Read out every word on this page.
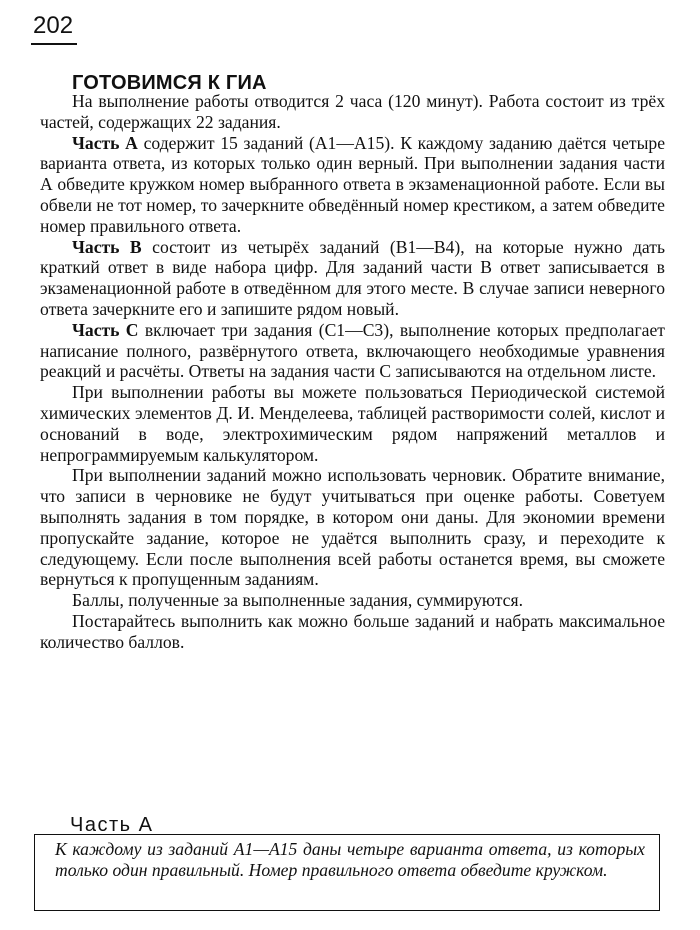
202
ГОТОВИМСЯ К ГИА

На выполнение работы отводится 2 часа (120 минут). Работа состоит из трёх частей, содержащих 22 задания.

Часть А содержит 15 заданий (А1—А15). К каждому заданию даётся четыре варианта ответа, из которых только один верный. При выполнении задания части А обведите кружком номер выбранного ответа в экзаменационной работе. Если вы обвели не тот номер, то зачеркните обведённый номер крестиком, а затем обведите номер правильного ответа.

Часть В состоит из четырёх заданий (В1—В4), на которые нужно дать краткий ответ в виде набора цифр. Для заданий части В ответ записывается в экзаменационной работе в отведённом для этого месте. В случае записи неверного ответа зачеркните его и запишите рядом новый.

Часть С включает три задания (С1—С3), выполнение которых предполагает написание полного, развёрнутого ответа, включающего необходимые уравнения реакций и расчёты. Ответы на задания части С записываются на отдельном листе.

При выполнении работы вы можете пользоваться Периодической системой химических элементов Д. И. Менделеева, таблицей растворимости солей, кислот и оснований в воде, электрохимическим рядом напряжений металлов и непрограммируемым калькулятором.

При выполнении заданий можно использовать черновик. Обратите внимание, что записи в черновике не будут учитываться при оценке работы. Советуем выполнять задания в том порядке, в котором они даны. Для экономии времени пропускайте задание, которое не удаётся выполнить сразу, и переходите к следующему. Если после выполнения всей работы останется время, вы сможете вернуться к пропущенным заданиям.

Баллы, полученные за выполненные задания, суммируются.

Постарайтесь выполнить как можно больше заданий и набрать максимальное количество баллов.

Часть А
К каждому из заданий А1—А15 даны четыре варианта ответа, из которых только один правильный. Номер правильного ответа обведите кружком.
